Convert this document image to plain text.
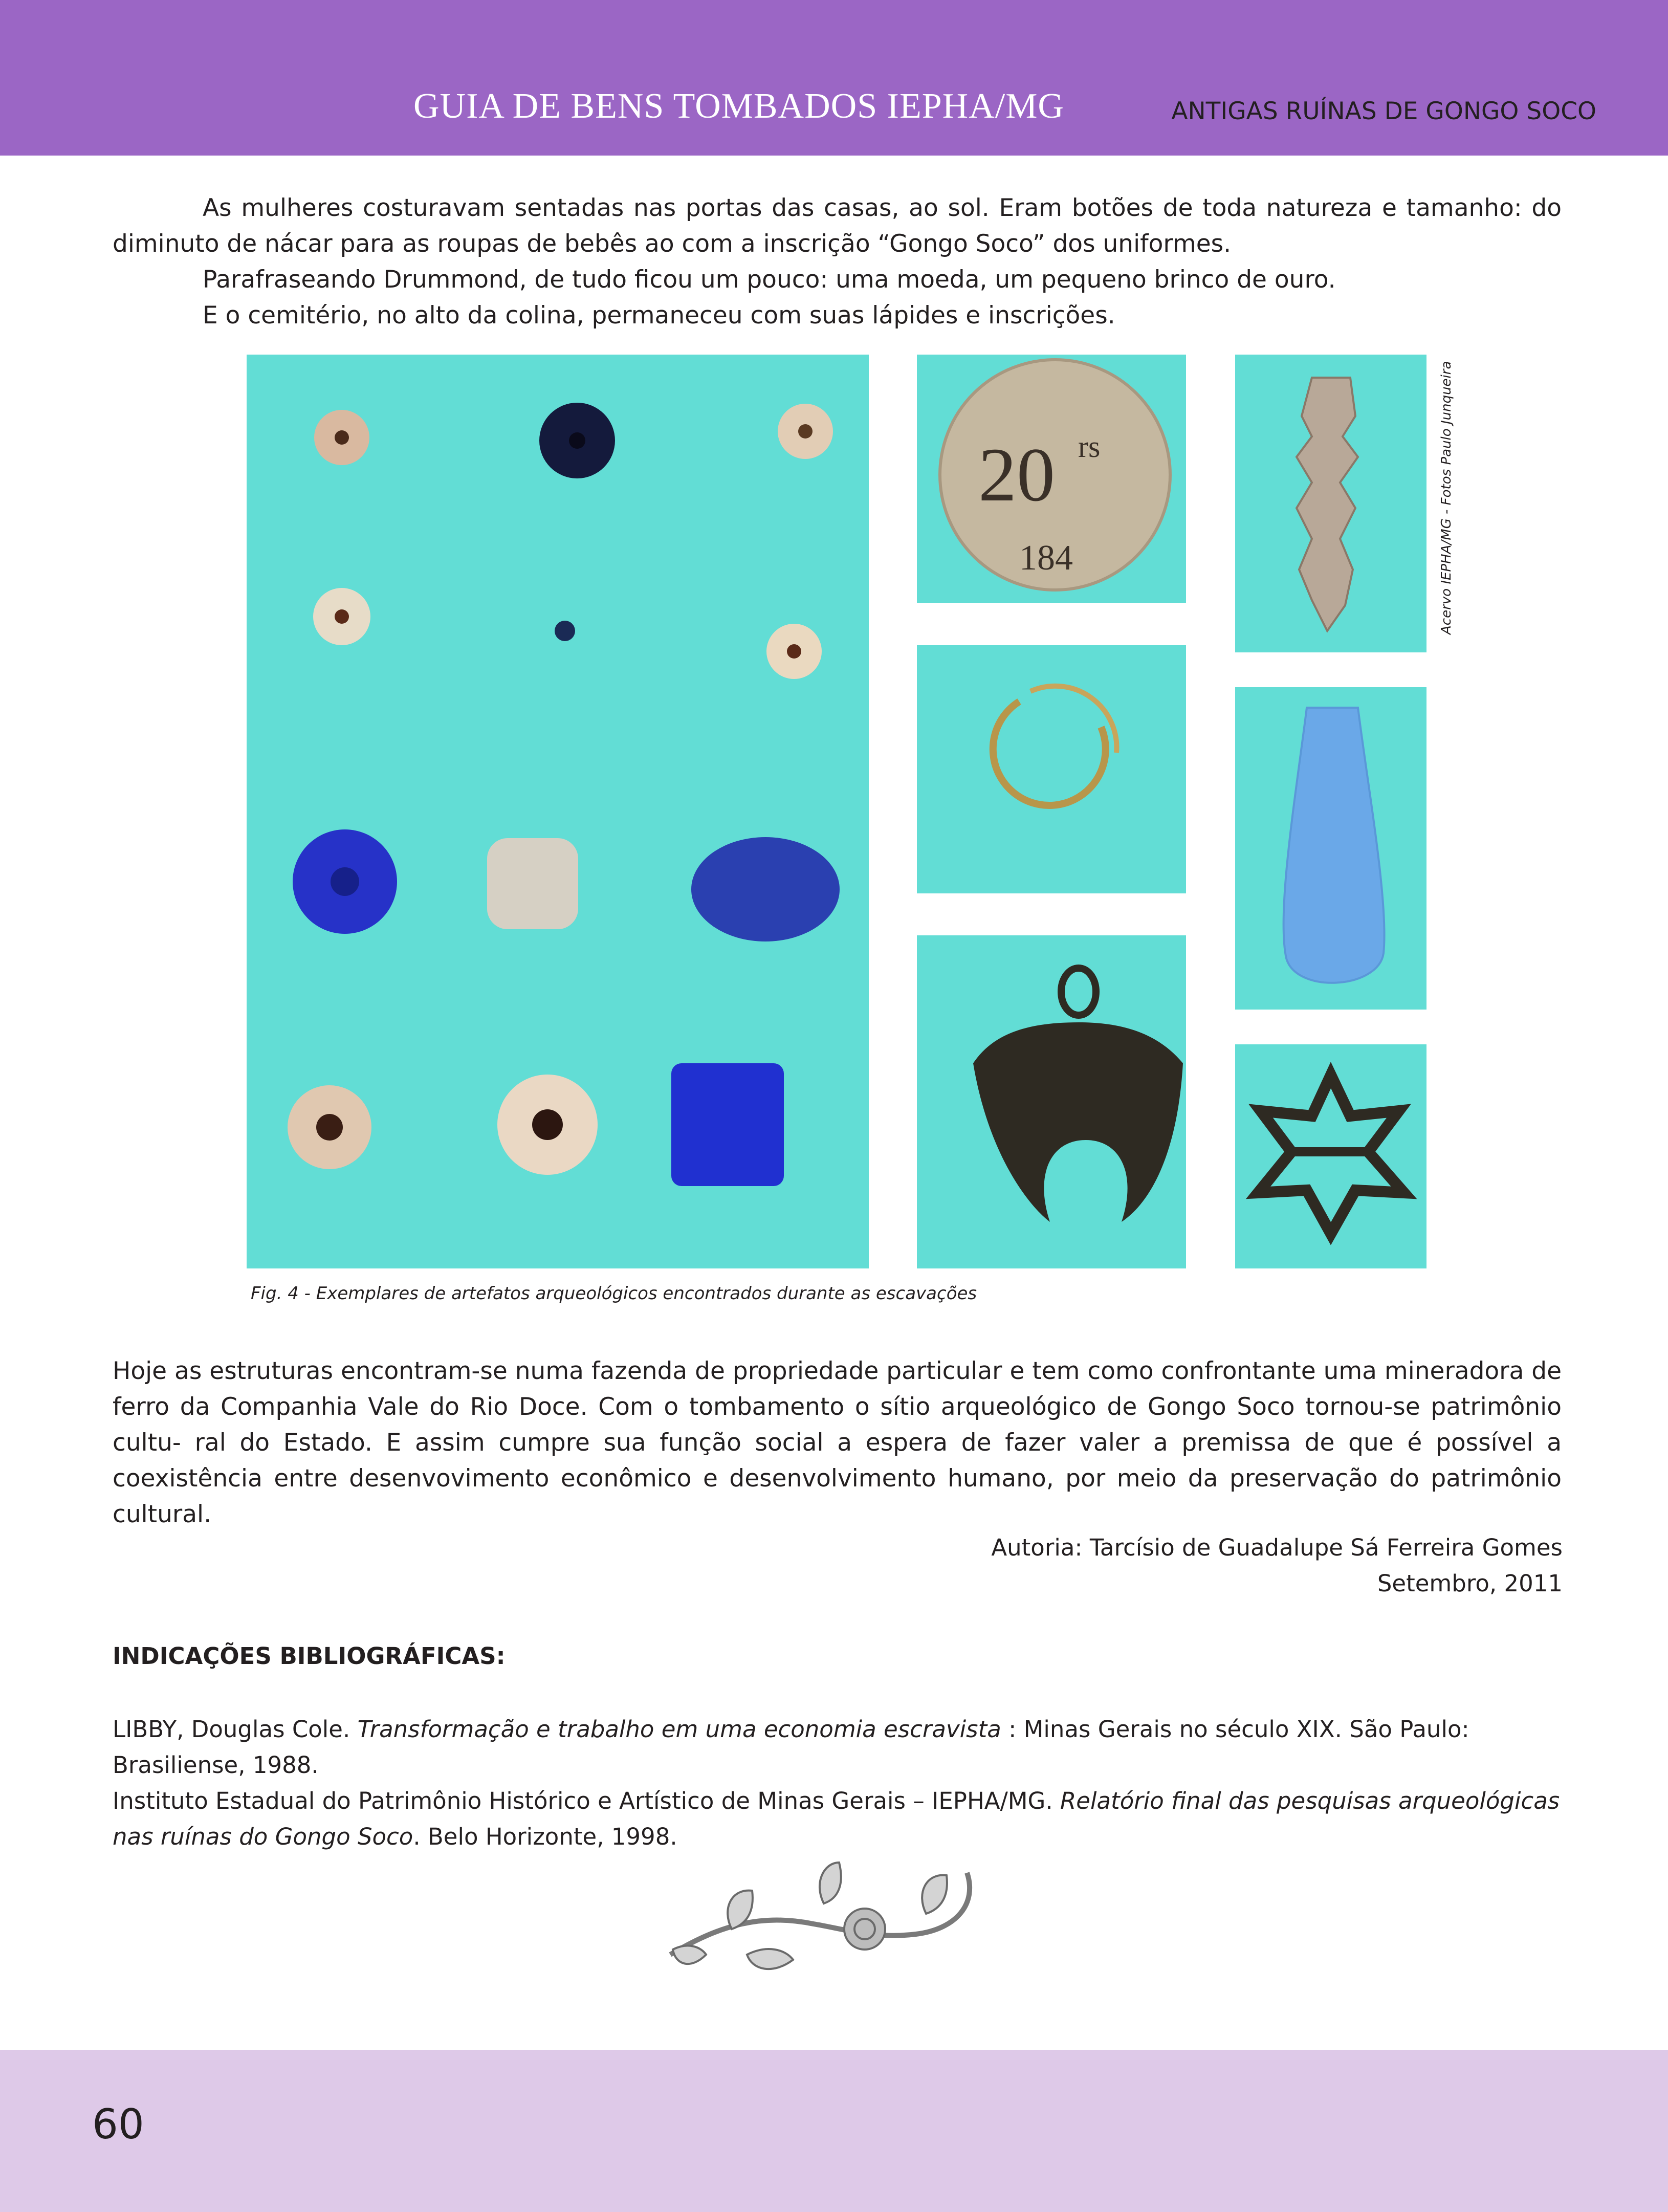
GUIA DE BENS TOMBADOS IEPHA/MG	ANTIGAS RUÍNAS DE GONGO SOCO

As mulheres costuravam sentadas nas portas das casas, ao sol. Eram botões de toda natureza e tamanho: do diminuto de nácar para as roupas de bebês ao com a inscrição “Gongo Soco” dos uniformes.

Parafraseando Drummond, de tudo ficou um pouco: uma moeda, um pequeno brinco de ouro.

E o cemitério, no alto da colina, permaneceu com suas lápides e inscrições.

20 rs
184	Acervo IEPHA/MG - Fotos Paulo Junqueira
Fig. 4 - Exemplares de artefatos arqueológicos encontrados durante as escavações

Hoje as estruturas encontram-se numa fazenda de propriedade particular e tem como confrontante uma mineradora de ferro da Companhia Vale do Rio Doce. Com o tombamento o sítio arqueológico de Gongo Soco tornou-se patrimônio cultu- ral do Estado. E assim cumpre sua função social a espera de fazer valer a premissa de que é possível a coexistência entre desenvovimento econômico e desenvolvimento humano, por meio da preservação do patrimônio cultural.

Autoria: Tarcísio de Guadalupe Sá Ferreira Gomes
Setembro, 2011
INDICAÇÕES BIBLIOGRÁFICAS:

LIBBY, Douglas Cole. Transformação e trabalho em uma economia escravista : Minas Gerais no século XIX. São Paulo: Brasiliense, 1988.

Instituto Estadual do Patrimônio Histórico e Artístico de Minas Gerais – IEPHA/MG. Relatório final das pesquisas arqueológicas nas ruínas do Gongo Soco. Belo Horizonte, 1998.

60
